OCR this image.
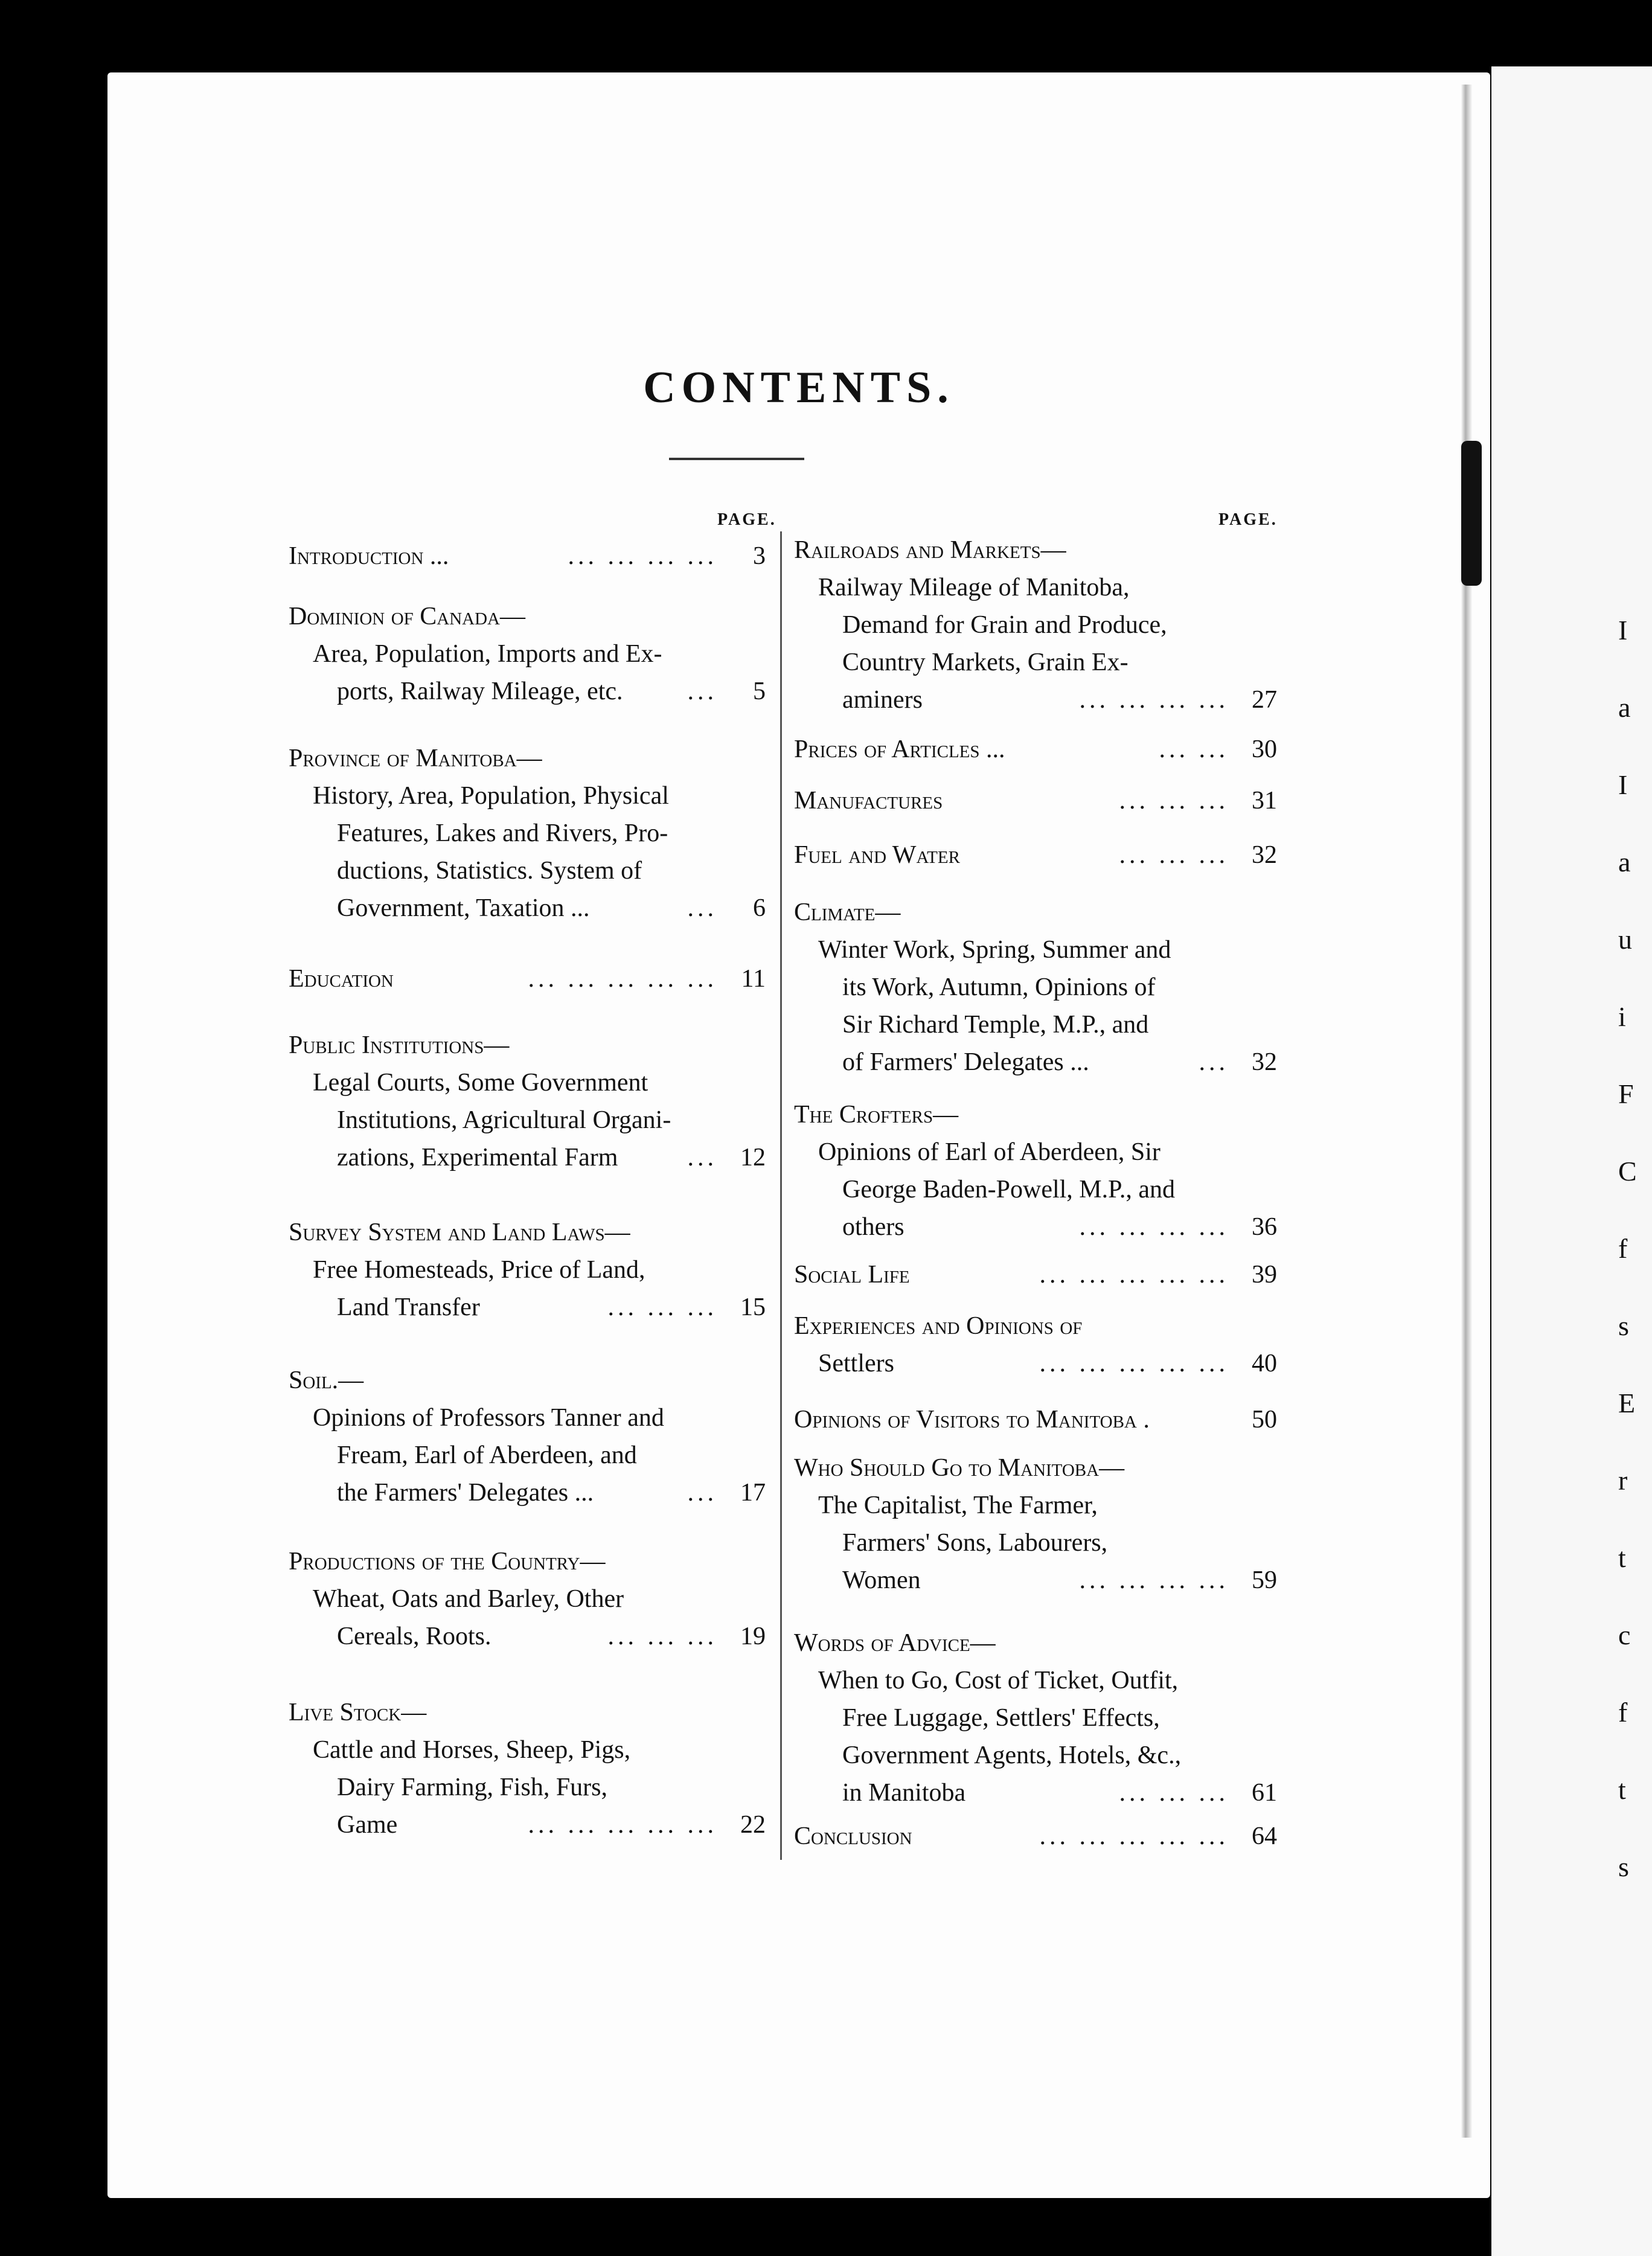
I
a
I
a
u
i
F
C
f
s
E
r
t
c
f
t
s
CONTENTS.
PAGE.	PAGE.
Introduction ...	... ... ... ...	3
Dominion of Canada—
Area, Population, Imports and Ex-
ports, Railway Mileage, etc.	...	5
Province of Manitoba—
History, Area, Population, Physical
Features, Lakes and Rivers, Pro-
ductions, Statistics. System of
Government, Taxation ...	...	6
Education	... ... ... ... ... 11
Public Institutions—
Legal Courts, Some Government
Institutions, Agricultural Organi-
zations, Experimental Farm	... 12
Survey System and Land Laws—
Free Homesteads, Price of Land,
Land Transfer	... ... ... 15
Soil.—
Opinions of Professors Tanner and
Fream, Earl of Aberdeen, and
the Farmers' Delegates ...	... 17
Productions of the Country—
Wheat, Oats and Barley, Other
Cereals, Roots.	... ... ... 19
Live Stock—
Cattle and Horses, Sheep, Pigs,
Dairy Farming, Fish, Furs,
Game	... ... ... ... ... 22
Railroads and Markets—
Railway Mileage of Manitoba,
Demand for Grain and Produce,
Country Markets, Grain Ex-
aminers	... ... ... ... 27
Prices of Articles ...	... ... 30
Manufactures	... ... ... 31
Fuel and Water	... ... ... 32
Climate—
Winter Work, Spring, Summer and
its Work, Autumn, Opinions of
Sir Richard Temple, M.P., and
of Farmers' Delegates ...	... 32
The Crofters—
Opinions of Earl of Aberdeen, Sir
George Baden-Powell, M.P., and
others	... ... ... ... 36
Social Life	... ... ... ... ... 39
Experiences and Opinions of
Settlers	... ... ... ... ... 40
Opinions of Visitors to Manitoba .	50
Who Should Go to Manitoba—
The Capitalist, The Farmer,
Farmers' Sons, Labourers,
Women	... ... ... ... 59
Words of Advice—
When to Go, Cost of Ticket, Outfit,
Free Luggage, Settlers' Effects,
Government Agents, Hotels, &c.,
in Manitoba	... ... ... 61
Conclusion	... ... ... ... ... 64
